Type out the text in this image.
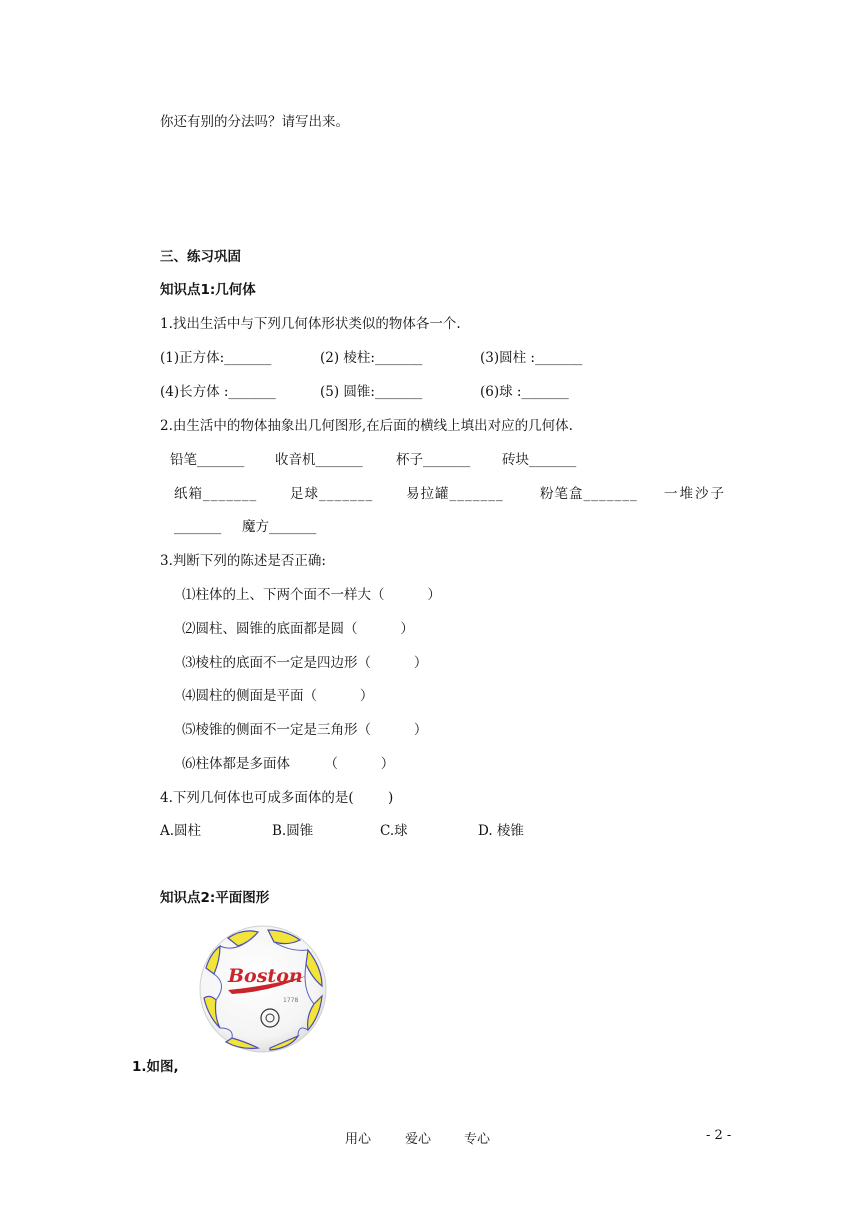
你还有别的分法吗？请写出来。
三、练习巩固
知识点1:几何体
1.找出生活中与下列几何体形状类似的物体各一个.
(1)正方体:_______	(2) 棱柱:_______	(3)圆柱 :_______
(4)长方体 :_______	(5) 圆锥:_______	(6)球 :_______
2.由生活中的物体抽象出几何图形,在后面的横线上填出对应的几何体.
铅笔_______ 收音机_______ 杯子_______ 砖块_______
纸箱_______ 足球_______ 易拉罐_______	粉笔盒_______ 一堆沙子
_______ 魔方_______
3.判断下列的陈述是否正确:
⑴柱体的上、下两个面不一样大（          ）
⑵圆柱、圆锥的底面都是圆（          ）
⑶棱柱的底面不一定是四边形（          ）
⑷圆柱的侧面是平面（          ）
⑸棱锥的侧面不一定是三角形（          ）
⑹柱体都是多面体        （          ）
4.下列几何体也可成多面体的是(        )
A.圆柱	B.圆锥	C.球	D. 棱锥
知识点2:平面图形
Boston
1778
1.如图,
用心	爱心	专心	- 2 -
